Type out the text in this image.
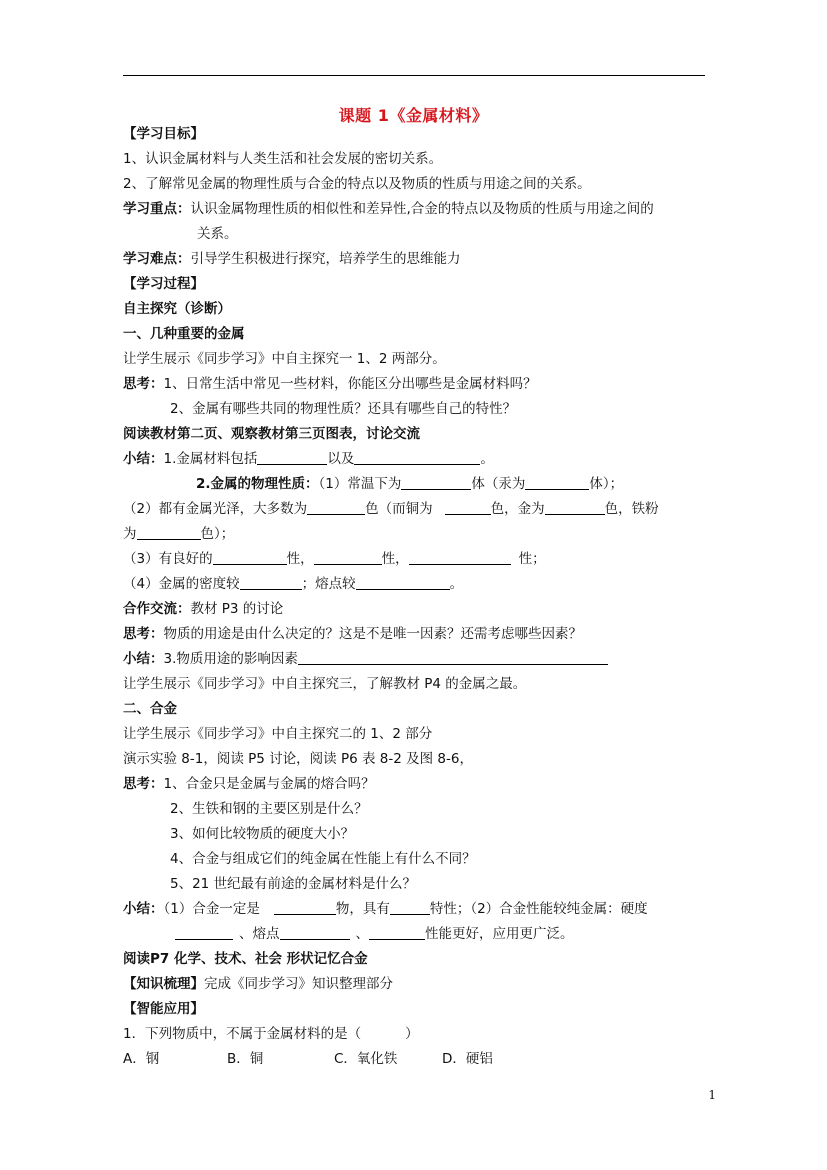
课题 1《金属材料》
【学习目标】
1、认识金属材料与人类生活和社会发展的密切关系。
2、了解常见金属的物理性质与合金的特点以及物质的性质与用途之间的关系。
学习重点：认识金属物理性质的相似性和差异性,合金的特点以及物质的性质与用途之间的
关系。
学习难点：引导学生积极进行探究，培养学生的思维能力
【学习过程】
自主探究（诊断）
一、几种重要的金属
让学生展示《同步学习》中自主探究一 1、2 两部分。
思考：1、日常生活中常见一些材料，你能区分出哪些是金属材料吗？
2、金属有哪些共同的物理性质？还具有哪些自己的特性？
阅读教材第二页、观察教材第三页图表，讨论交流
小结：1.金属材料包括	以及	。
2.金属的物理性质：（1）常温下为	体（汞为	体）；
（2）都有金属光泽，大多数为	色（而铜为	色，金为	色，铁粉
为	色）；
（3）有良好的	性，	性，	性；
（4）金属的密度较	；熔点较	。
合作交流：教材 P3 的讨论
思考：物质的用途是由什么决定的？这是不是唯一因素？还需考虑哪些因素？
小结：3.物质用途的影响因素
让学生展示《同步学习》中自主探究三，了解教材 P4 的金属之最。
二、合金
让学生展示《同步学习》中自主探究二的 1、2 部分
演示实验 8-1，阅读 P5 讨论，阅读 P6 表 8-2 及图 8-6，
思考：1、合金只是金属与金属的熔合吗？
2、生铁和钢的主要区别是什么？
3、如何比较物质的硬度大小？
4、合金与组成它们的纯金属在性能上有什么不同？
5、21 世纪最有前途的金属材料是什么？
小结：（1）合金一定是	物，具有	特性；（2）合金性能较纯金属：硬度
、熔点	、	性能更好，应用更广泛。
阅读P7 化学、技术、社会 形状记忆合金
【知识梳理】完成《同步学习》知识整理部分
【智能应用】
1．下列物质中，不属于金属材料的是（	）
A．钢	B．铜	C．氧化铁	D．硬铝
1
